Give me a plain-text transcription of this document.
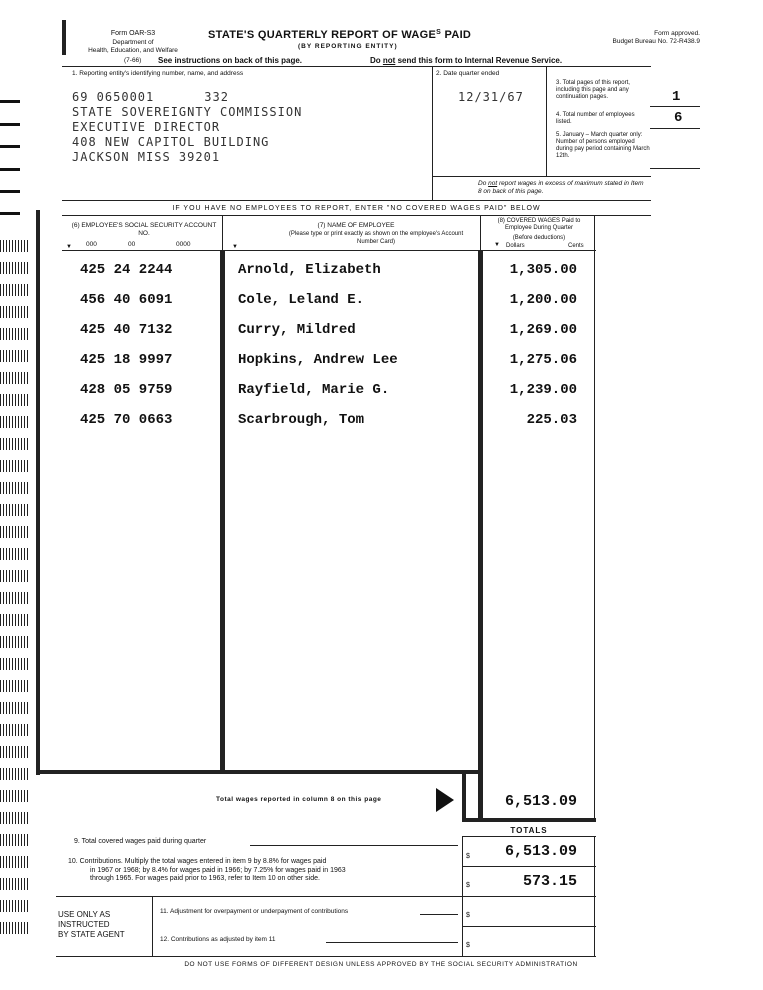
Form OAR-S3
Department of
Health, Education, and Welfare
STATE'S QUARTERLY REPORT OF $WAGE^S$ PAID
(BY REPORTING ENTITY)
Form approved.
Budget Bureau No. 72-R438.9
(7-66) See instructions on back of this page.	Do not send this form to Internal Revenue Service.
1. Reporting entity's identifying number, name, and address
69 0650001	332
STATE SOVEREIGNTY COMMISSION
EXECUTIVE DIRECTOR
408 NEW CAPITOL BUILDING
JACKSON MISS 39201
2. Date quarter ended
12/31/67
3. Total pages of this report, including this page and any continuation pages.	1
4. Total number of employees listed.	6
5. January – March quarter only: Number of persons employed during pay period containing March 12th.
Do not report wages in excess of maximum stated in Item 8 on back of this page.
IF YOU HAVE NO EMPLOYEES TO REPORT, ENTER "NO COVERED WAGES PAID" BELOW
(6) EMPLOYEE'S SOCIAL SECURITY ACCOUNT NO.
000	00	0000
(7) NAME OF EMPLOYEE
(Please type or print exactly as shown on the employee's Account Number Card)
(8) COVERED WAGES Paid to Employee During Quarter
(Before deductions)
Dollars	Cents
▼	▼	▼
425 24 2244	Arnold, Elizabeth	1,305.00
456 40 6091	Cole, Leland E.	1,200.00
425 40 7132	Curry, Mildred	1,269.00
425 18 9997	Hopkins, Andrew Lee	1,275.06
428 05 9759	Rayfield, Marie G.	1,239.00
425 70 0663	Scarbrough, Tom	225.03
Total wages reported in column 8 on this page	6,513.09
TOTALS
9. Total covered wages paid during quarter
$	6,513.09
10. Contributions. Multiply the total wages entered in item 9 by 8.8% for wages paid
in 1967 or 1968; by 8.4% for wages paid in 1966; by 7.25% for wages paid in 1963
through 1965. For wages paid prior to 1963, refer to Item 10 on other side.
$	573.15
USE ONLY AS
INSTRUCTED
BY STATE AGENT
11. Adjustment for overpayment or underpayment of contributions
$
12. Contributions as adjusted by item 11
$
DO NOT USE FORMS OF DIFFERENT DESIGN UNLESS APPROVED BY THE SOCIAL SECURITY ADMINISTRATION
